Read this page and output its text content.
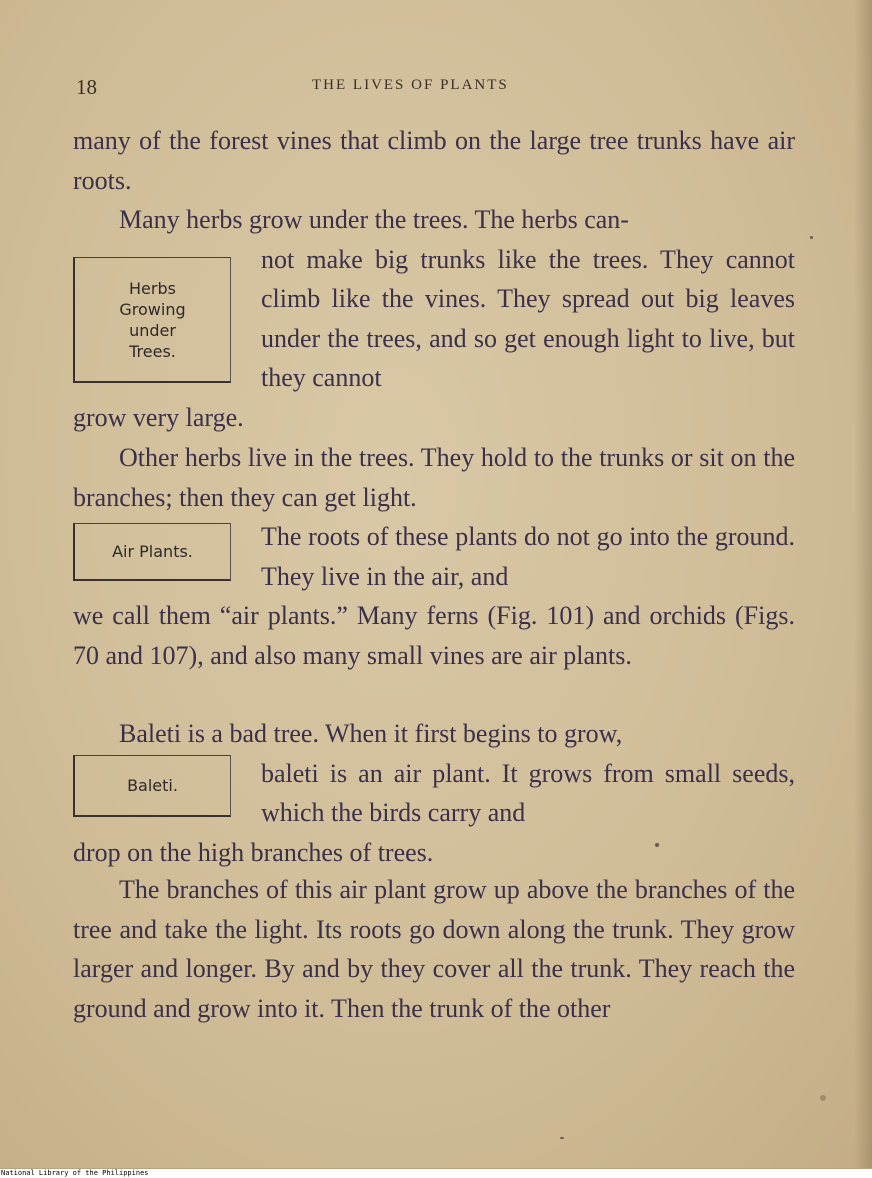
18	THE LIVES OF PLANTS

many of the forest vines that climb on the large tree trunks have air roots.

Many herbs grow under the trees. The herbs can-

not make big trunks like the trees. They cannot climb like the vines. They spread out big leaves under the trees, and so get enough light to live, but they cannot

grow very large.

Herbs Growing under Trees.

Other herbs live in the trees. They hold to the trunks or sit on the branches; then they can get light.

The roots of these plants do not go into the ground. They live in the air, and

we call them “air plants.” Many ferns (Fig. 101) and orchids (Figs. 70 and 107), and also many small vines are air plants.

Air Plants.

Baleti is a bad tree. When it first begins to grow,

baleti is an air plant. It grows from small seeds, which the birds carry and

drop on the high branches of trees.

Baleti.

The branches of this air plant grow up above the branches of the tree and take the light. Its roots go down along the trunk. They grow larger and longer. By and by they cover all the trunk. They reach the ground and grow into it. Then the trunk of the other

National Library of the Philippines
